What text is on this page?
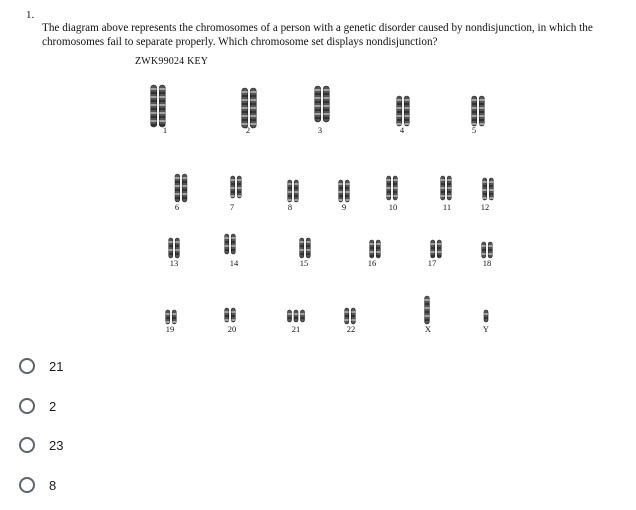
1.
The diagram above represents the chromosomes of a person with a genetic disorder caused by nondisjunction, in which the chromosomes fail to separate properly. Which chromosome set displays nondisjunction?
ZWK99024 KEY
1	2	3	4	5
6	7	8	9	10	11	12
13	14	15	16	17	18
19	20	21	22	X	Y
21
2
23
8
